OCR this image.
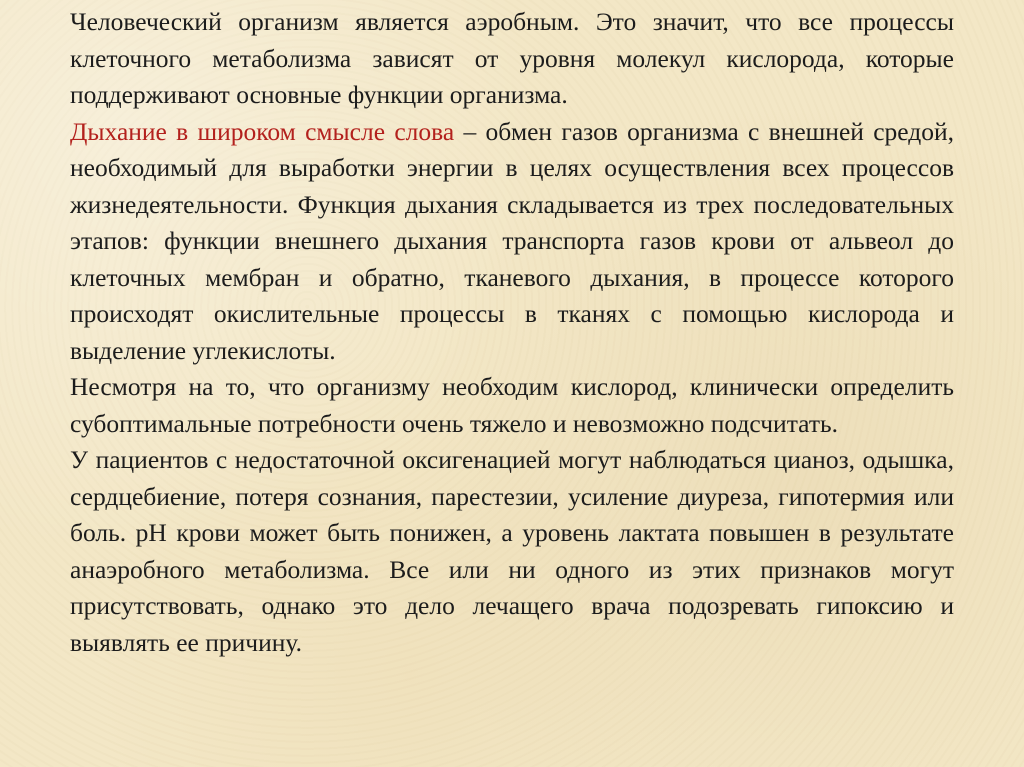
Человеческий организм является аэробным. Это значит, что все процессы клеточного метаболизма зависят от уровня молекул кислорода, которые поддерживают основные функции организма.
Дыхание в широком смысле слова – обмен газов организма с внешней средой, необходимый для выработки энергии в целях осуществления всех процессов жизнедеятельности. Функция дыхания складывается из трех последовательных этапов: функции внешнего дыхания транспорта газов крови от альвеол до клеточных мембран и обратно, тканевого дыхания, в процессе которого происходят окислительные процессы в тканях с помощью кислорода и выделение углекислоты.

Несмотря на то, что организму необходим кислород, клинически определить субоптимальные потребности очень тяжело и невозможно подсчитать.

У пациентов с недостаточной оксигенацией могут наблюдаться цианоз, одышка, сердцебиение, потеря сознания, парестезии, усиление диуреза, гипотермия или боль. pH крови может быть понижен, а уровень лактата повышен в результате анаэробного метаболизма. Все или ни одного из этих признаков могут присутствовать, однако это дело лечащего врача подозревать гипоксию и выявлять ее причину.
